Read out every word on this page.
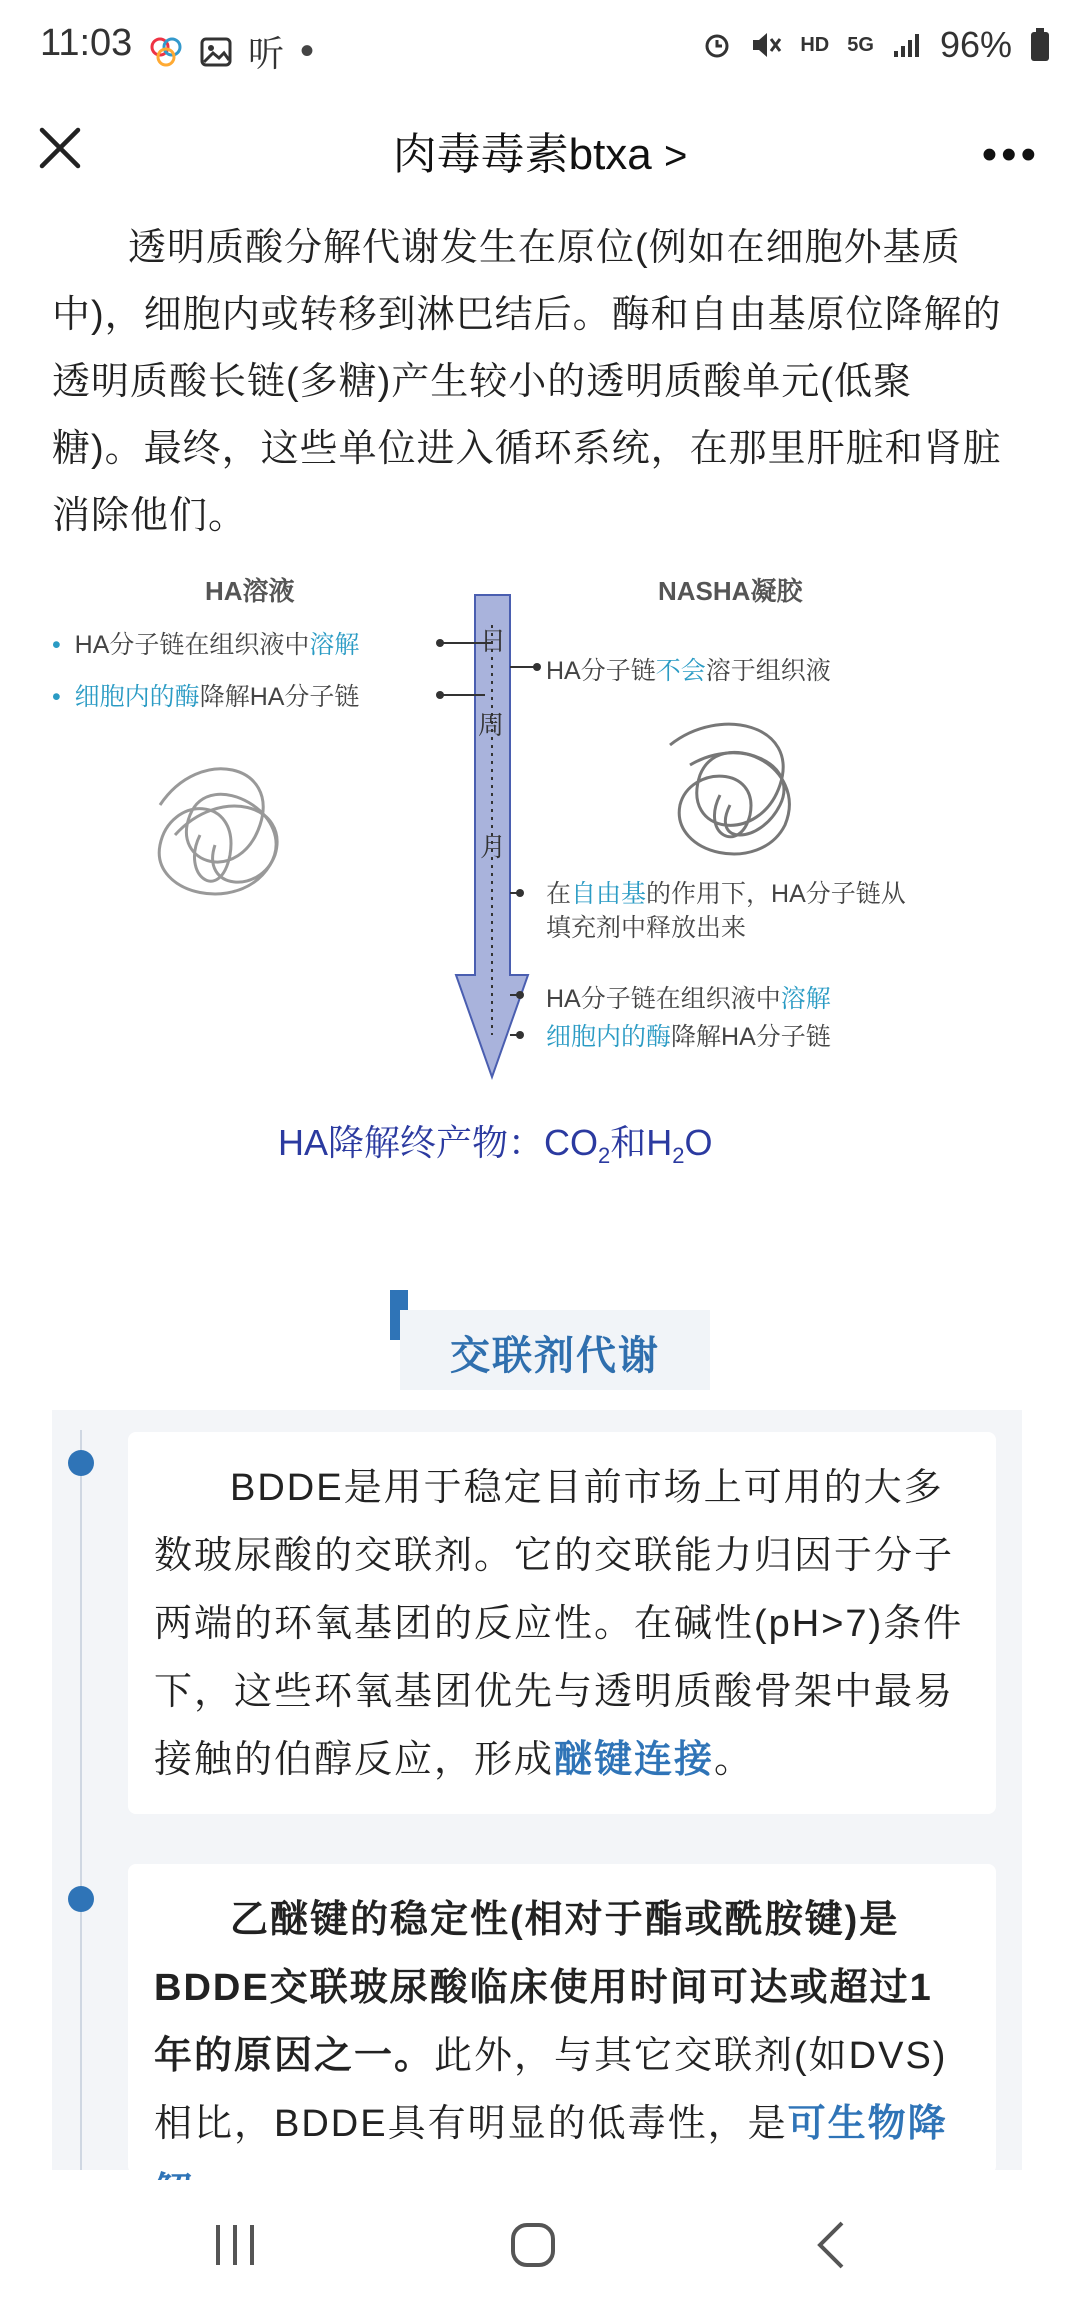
11:03	听 •	HD 5G 96%
肉毒毒素btxa >	•••
透明质酸分解代谢发生在原位(例如在细胞外基质中)，细胞内或转移到淋巴结后。酶和自由基原位降解的透明质酸长链(多糖)产生较小的透明质酸单元(低聚糖)。最终，这些单位进入循环系统，在那里肝脏和肾脏消除他们。
HA溶液	NASHA凝胶
• HA分子链在组织液中溶解
• 细胞内的酶降解HA分子链
日
周
月
HA分子链不会溶于组织液
在自由基的作用下，HA分子链从
填充剂中释放出来
HA分子链在组织液中溶解
细胞内的酶降解HA分子链
HA降解终产物：$CO_2$和$H_2O$
交联剂代谢
BDDE是用于稳定目前市场上可用的大多数玻尿酸的交联剂。它的交联能力归因于分子两端的环氧基团的反应性。在碱性(pH>7)条件下，这些环氧基团优先与透明质酸骨架中最易接触的伯醇反应，形成醚键连接。
乙醚键的稳定性(相对于酯或酰胺键)是BDDE交联玻尿酸临床使用时间可达或超过1年的原因之一。此外，与其它交联剂(如DVS)相比，BDDE具有明显的低毒性，是可生物降
